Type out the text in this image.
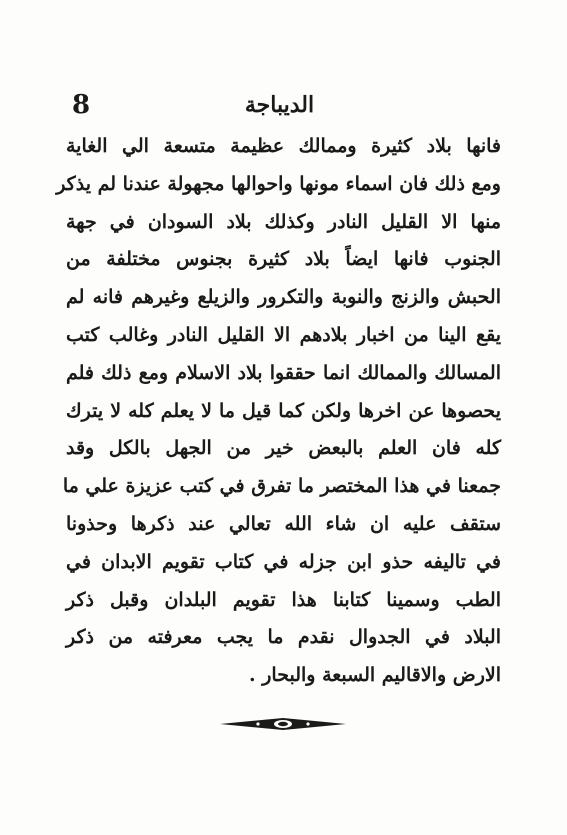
8	الديباجة
فانها بلاد كثيرة وممالك عظيمة متسعة الي الغاية
ومع ذلك فان اسماء مونها واحوالها مجهولة عندنا لم يذكر
منها الا القليل النادر وكذلك بلاد السودان في جهة
الجنوب فانها ايضاً بلاد كثيرة بجنوس مختلفة من
الحبش والزنج والنوبة والتكرور والزيلع وغيرهم فانه لم
يقع الينا من اخبار بلادهم الا القليل النادر وغالب كتب
المسالك والممالك انما حققوا بلاد الاسلام ومع ذلك فلم
يحصوها عن اخرها ولكن كما قيل ما لا يعلم كله لا يترك
كله فان العلم بالبعض خير من الجهل بالكل وقد
جمعنا في هذا المختصر ما تفرق في كتب عزيزة علي ما
ستقف عليه ان شاء الله تعالي عند ذكرها وحذونا
في تاليفه حذو ابن جزله في كتاب تقويم الابدان في
الطب وسمينا كتابنا هذا تقويم البلدان وقبل ذكر
البلاد في الجدوال نقدم ما يجب معرفته من ذكر
الارض والاقاليم السبعة والبحار .
